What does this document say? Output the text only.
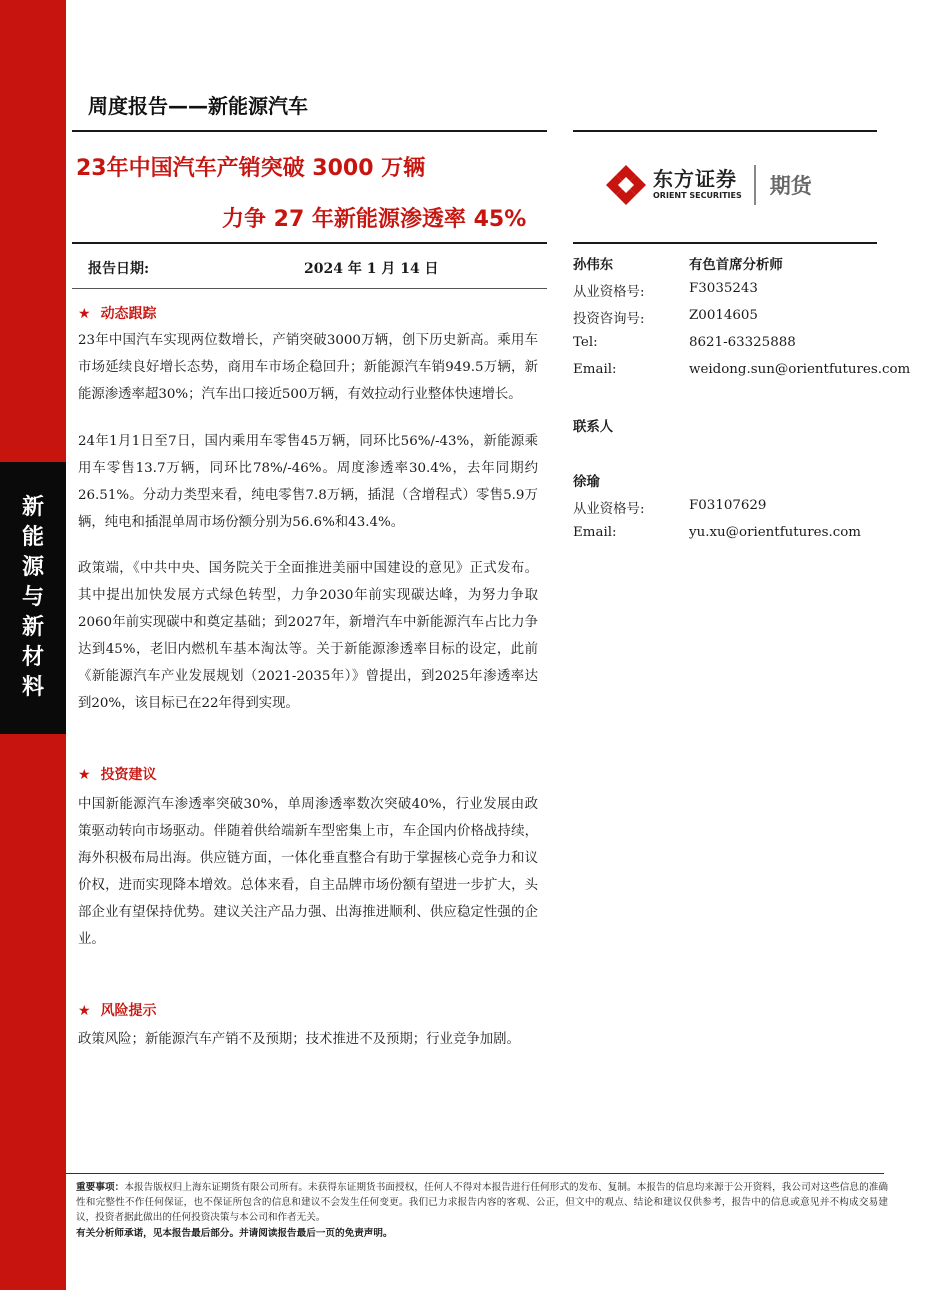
新能源与新材料
周度报告——新能源汽车
23年中国汽车产销突破 3000 万辆
力争 27 年新能源渗透率 45%
东方证券
ORIENT SECURITIES 期货
报告日期:	2024 年 1 月 14 日
★ 动态跟踪

23年中国汽车实现两位数增长，产销突破3000万辆，创下历史新高。乘用车市场延续良好增长态势，商用车市场企稳回升；新能源汽车销949.5万辆，新能源渗透率超30%；汽车出口接近500万辆，有效拉动行业整体快速增长。

24年1月1日至7日，国内乘用车零售45万辆，同环比56%/-43%，新能源乘用车零售13.7万辆，同环比78%/-46%。周度渗透率30.4%，去年同期约26.51%。分动力类型来看，纯电零售7.8万辆，插混（含增程式）零售5.9万辆，纯电和插混单周市场份额分别为56.6%和43.4%。

政策端，《中共中央、国务院关于全面推进美丽中国建设的意见》正式发布。其中提出加快发展方式绿色转型，力争2030年前实现碳达峰，为努力争取2060年前实现碳中和奠定基础；到2027年，新增汽车中新能源汽车占比力争达到45%，老旧内燃机车基本淘汰等。关于新能源渗透率目标的设定，此前《新能源汽车产业发展规划（2021-2035年）》曾提出，到2025年渗透率达到20%，该目标已在22年得到实现。

★ 投资建议

中国新能源汽车渗透率突破30%，单周渗透率数次突破40%，行业发展由政策驱动转向市场驱动。伴随着供给端新车型密集上市，车企国内价格战持续，海外积极布局出海。供应链方面，一体化垂直整合有助于掌握核心竞争力和议价权，进而实现降本增效。总体来看，自主品牌市场份额有望进一步扩大，头部企业有望保持优势。建议关注产品力强、出海推进顺利、供应稳定性强的企业。

★ 风险提示

政策风险；新能源汽车产销不及预期；技术推进不及预期；行业竞争加剧。

孙伟东	有色首席分析师
从业资格号:	F3035243
投资咨询号:	Z0014605
Tel:	8621-63325888
Email:	weidong.sun@orientfutures.com
联系人
徐瑜
从业资格号:	F03107629
Email:	yu.xu@orientfutures.com

重要事项：本报告版权归上海东证期货有限公司所有。未获得东证期货书面授权，任何人不得对本报告进行任何形式的发布、复制。本报告的信息均来源于公开资料，我公司对这些信息的准确性和完整性不作任何保证，也不保证所包含的信息和建议不会发生任何变更。我们已力求报告内容的客观、公正，但文中的观点、结论和建议仅供参考，报告中的信息或意见并不构成交易建议，投资者据此做出的任何投资决策与本公司和作者无关。

有关分析师承诺，见本报告最后部分。并请阅读报告最后一页的免责声明。
